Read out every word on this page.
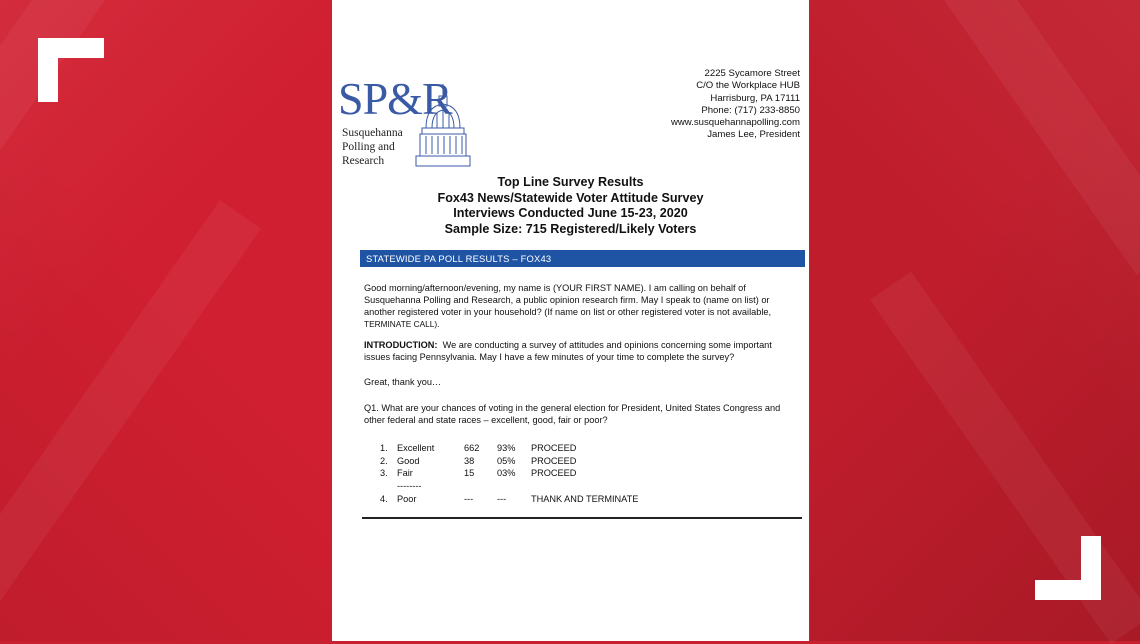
SP&R
Susquehanna
Polling and
Research
2225 Sycamore Street
C/O the Workplace HUB
Harrisburg, PA 17111
Phone: (717) 233-8850
www.susquehannapolling.com
James Lee, President
Top Line Survey Results
Fox43 News/Statewide Voter Attitude Survey
Interviews Conducted June 15-23, 2020
Sample Size: 715 Registered/Likely Voters
STATEWIDE PA POLL RESULTS – FOX43
Good morning/afternoon/evening, my name is (YOUR FIRST NAME). I am calling on behalf of
Susquehanna Polling and Research, a public opinion research firm. May I speak to (name on list) or
another registered voter in your household? (If name on list or other registered voter is not available,
TERMINATE CALL).
INTRODUCTION:  We are conducting a survey of attitudes and opinions concerning some important
issues facing Pennsylvania. May I have a few minutes of your time to complete the survey?
Great, thank you…
Q1. What are your chances of voting in the general election for President, United States Congress and
other federal and state races – excellent, good, fair or poor?
1. Excellent	662 93% PROCEED
2. Good	38 05% PROCEED
3. Fair	15 03% PROCEED
--------
4. Poor	---	---	THANK AND TERMINATE
